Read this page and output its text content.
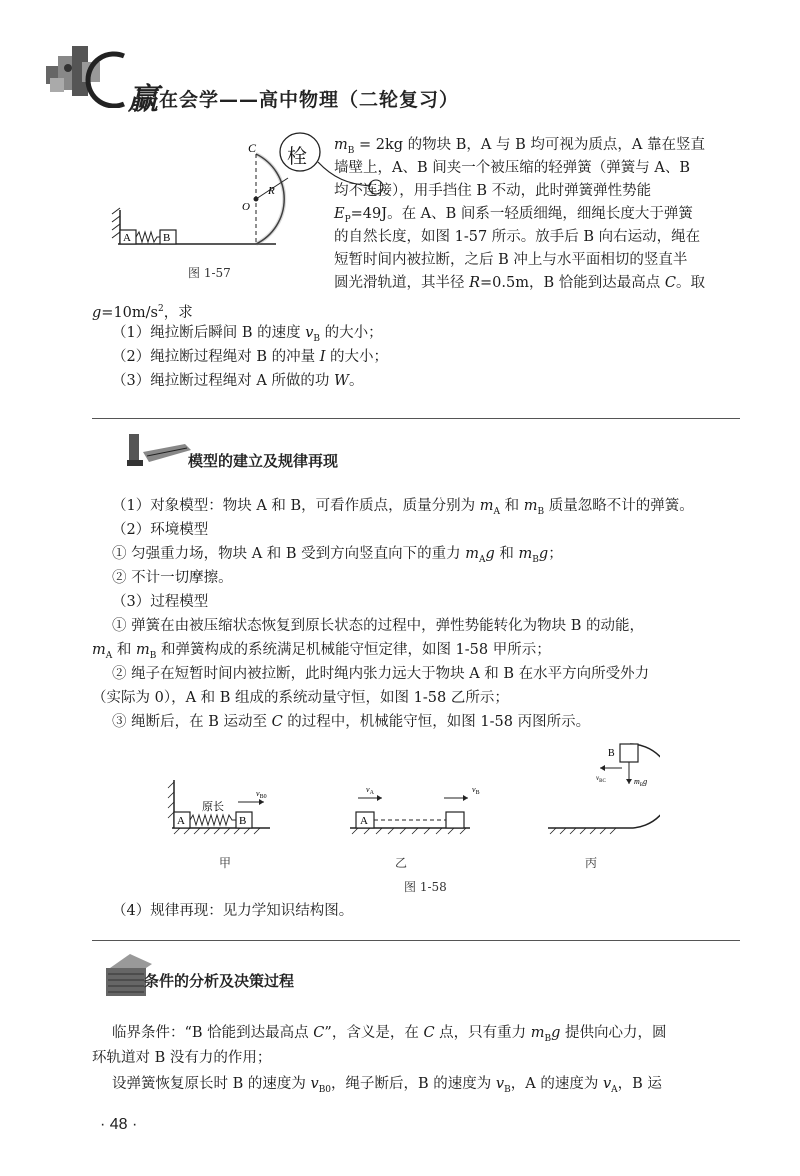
赢在会学——高中物理（二轮复习）
A	B
C
R
O
图 1-57
栓 $m_B = 2kg$ 的物块 B，A 与 B 均可视为质点，A 靠在竖直
墙壁上，A、B 间夹一个被压缩的轻弹簧（弹簧与 A、B
均不连接），用手挡住 B 不动，此时弹簧弹性势能
$E_P=49J$。在 A、B 间系一轻质细绳，细绳长度大于弹簧
的自然长度，如图 1-57 所示。放手后 B 向右运动，绳在
短暂时间内被拉断，之后 B 冲上与水平面相切的竖直半
圆光滑轨道，其半径 R=0.5m，B 恰能到达最高点 C。取
$g=10m/s^2$，求
（1）绳拉断后瞬间 B 的速度 $v_B$ 的大小；
（2）绳拉断过程绳对 B 的冲量 I 的大小；
（3）绳拉断过程绳对 A 所做的功 W。
模型的建立及规律再现
（1）对象模型：物块 A 和 B，可看作质点，质量分别为 $m_A$ 和 $m_B$ 质量忽略不计的弹簧。
（2）环境模型
① 匀强重力场，物块 A 和 B 受到方向竖直向下的重力 $m_Ag$ 和 $m_Bg$；
② 不计一切摩擦。
（3）过程模型
① 弹簧在由被压缩状态恢复到原长状态的过程中，弹性势能转化为物块 B 的动能，
$m_A$ 和 $m_B$ 和弹簧构成的系统满足机械能守恒定律，如图 1-58 甲所示；
② 绳子在短暂时间内被拉断，此时绳内张力远大于物块 A 和 B 在水平方向所受外力
（实际为 0），A 和 B 组成的系统动量守恒，如图 1-58 乙所示；
③ 绳断后，在 B 运动至 C 的过程中，机械能守恒，如图 1-58 丙图所示。
A
原长
B
$v_{B0}$
A
$v_A$	$v_B$
B
$v_{BC}$	$m_Bg$
甲	乙	丙
图 1-58
（4）规律再现：见力学知识结构图。
条件的分析及决策过程
临界条件：“B 恰能到达最高点 C”，含义是，在 C 点，只有重力 $m_Bg$ 提供向心力，圆
环轨道对 B 没有力的作用；
设弹簧恢复原长时 B 的速度为 $v_{B0}$，绳子断后，B 的速度为 $v_B$，A 的速度为 $v_A$，B 运
· 48 ·
